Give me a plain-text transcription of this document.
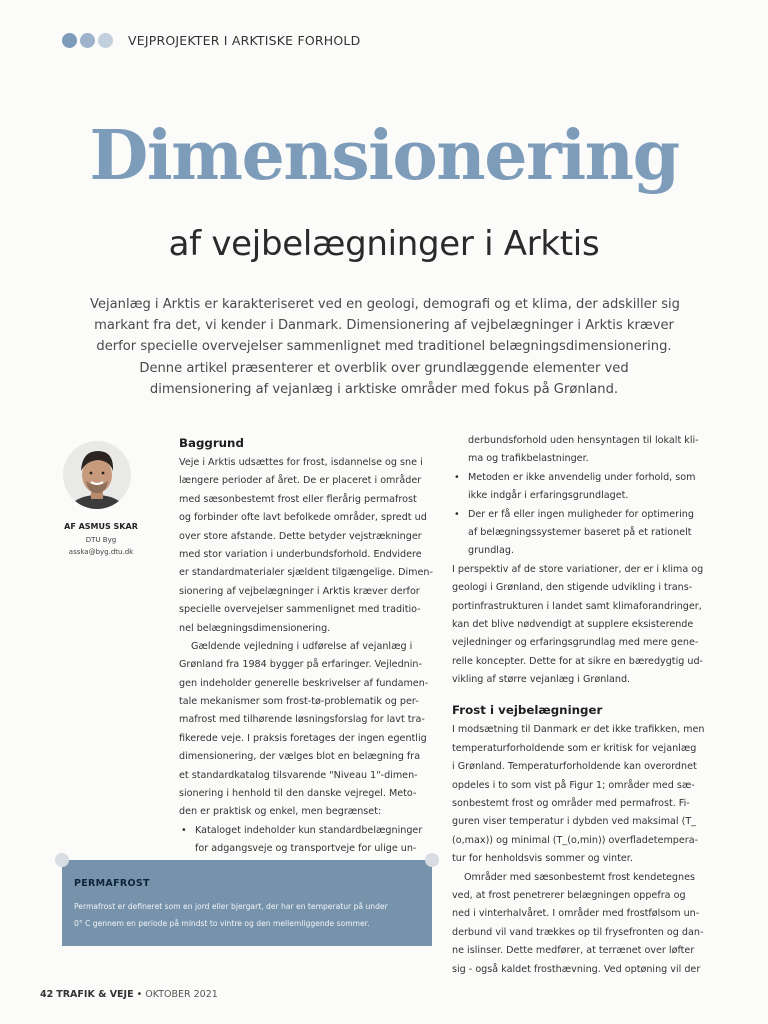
VEJPROJEKTER I ARKTISKE FORHOLD
Dimensionering
af vejbelægninger i Arktis
Vejanlæg i Arktis er karakteriseret ved en geologi, demografi og et klima, der adskiller sig
markant fra det, vi kender i Danmark. Dimensionering af vejbelægninger i Arktis kræver
derfor specielle overvejelser sammenlignet med traditionel belægningsdimensionering.
Denne artikel præsenterer et overblik over grundlæggende elementer ved
dimensionering af vejanlæg i arktiske områder med fokus på Grønland.
AF ASMUS SKAR
DTU Byg
asska@byg.dtu.dk
Baggrund
Veje i Arktis udsættes for frost, isdannelse og sne i
længere perioder af året. De er placeret i områder
med sæsonbestemt frost eller flerårig permafrost
og forbinder ofte lavt befolkede områder, spredt ud
over store afstande. Dette betyder vejstrækninger
med stor variation i underbundsforhold. Endvidere
er standardmaterialer sjældent tilgængelige. Dimen-
sionering af vejbelægninger i Arktis kræver derfor
specielle overvejelser sammenlignet med traditio-
nel belægningsdimensionering.
Gældende vejledning i udførelse af vejanlæg i
Grønland fra 1984 bygger på erfaringer. Vejlednin-
gen indeholder generelle beskrivelser af fundamen-
tale mekanismer som frost-tø-problematik og per-
mafrost med tilhørende løsningsforslag for lavt tra-
fikerede veje. I praksis foretages der ingen egentlig
dimensionering, der vælges blot en belægning fra
et standardkatalog tilsvarende "Niveau 1"-dimen-
sionering i henhold til den danske vejregel. Meto-
den er praktisk og enkel, men begrænset:
• Kataloget indeholder kun standardbelægninger
for adgangsveje og transportveje for ulige un-
derbundsforhold uden hensyntagen til lokalt kli-
ma og trafikbelastninger.
• Metoden er ikke anvendelig under forhold, som
ikke indgår i erfaringsgrundlaget.
• Der er få eller ingen muligheder for optimering
af belægningssystemer baseret på et rationelt
grundlag.
I perspektiv af de store variationer, der er i klima og
geologi i Grønland, den stigende udvikling i trans-
portinfrastrukturen i landet samt klimaforandringer,
kan det blive nødvendigt at supplere eksisterende
vejledninger og erfaringsgrundlag med mere gene-
relle koncepter. Dette for at sikre en bæredygtig ud-
vikling af større vejanlæg i Grønland.
Frost i vejbelægninger
I modsætning til Danmark er det ikke trafikken, men
temperaturforholdende som er kritisk for vejanlæg
i Grønland. Temperaturforholdende kan overordnet
opdeles i to som vist på Figur 1; områder med sæ-
sonbestemt frost og områder med permafrost. Fi-
guren viser temperatur i dybden ved maksimal (T_
(o,max)) og minimal (T_(o,min)) overfladetempera-
tur for henholdsvis sommer og vinter.
Områder med sæsonbestemt frost kendetegnes
ved, at frost penetrerer belægningen oppefra og
ned i vinterhalvåret. I områder med frostfølsom un-
derbund vil vand trækkes op til frysefronten og dan-
ne islinser. Dette medfører, at terrænet over løfter
sig - også kaldet frosthævning. Ved optøning vil der
PERMAFROST
Permafrost er defineret som en jord eller bjergart, der har en temperatur på under
0° C gennem en periode på mindst to vintre og den mellemliggende sommer.
42 TRAFIK & VEJE • OKTOBER 2021
